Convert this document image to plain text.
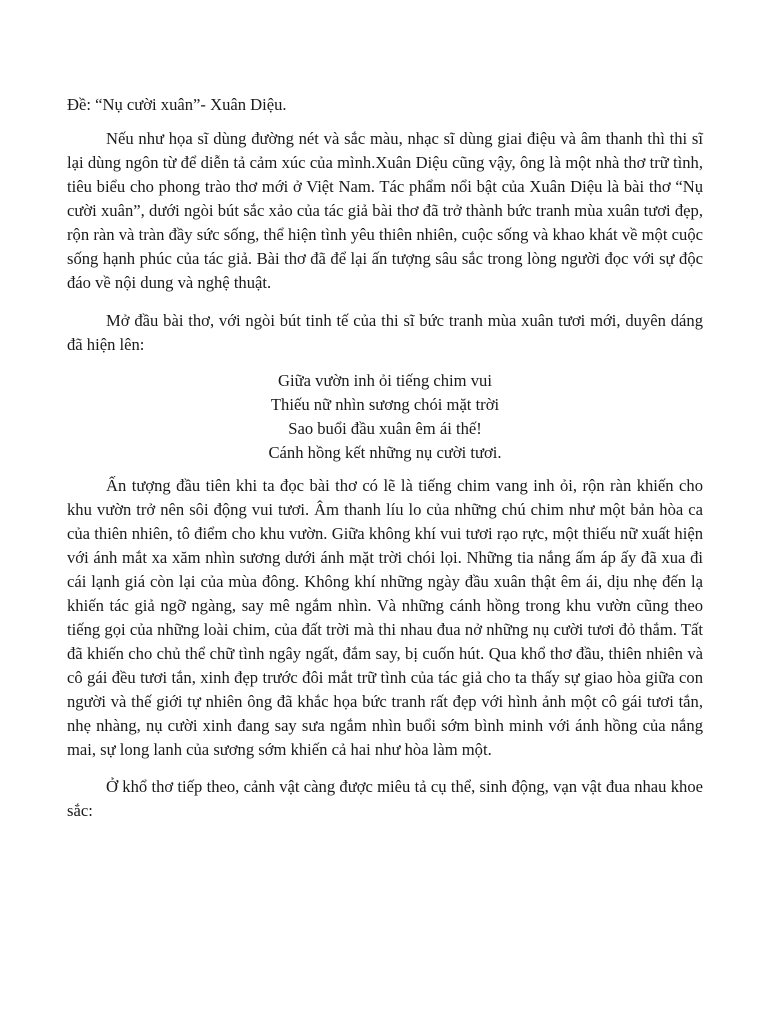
Đề: “Nụ cười xuân”- Xuân Diệu.

Nếu như họa sĩ dùng đường nét và sắc màu, nhạc sĩ dùng giai điệu và âm thanh thì thi sĩ lại dùng ngôn từ để diễn tả cảm xúc của mình.Xuân Diệu cũng vậy, ông là một nhà thơ trữ tình, tiêu biểu cho phong trào thơ mới ở Việt Nam. Tác phẩm nổi bật của Xuân Diệu là bài thơ “Nụ cười xuân”, dưới ngòi bút sắc xảo của tác giả bài thơ đã trở thành bức tranh mùa xuân tươi đẹp, rộn ràn và tràn đầy sức sống, thể hiện tình yêu thiên nhiên, cuộc sống và khao khát về một cuộc sống hạnh phúc của tác giả. Bài thơ đã để lại ấn tượng sâu sắc trong lòng người đọc với sự độc đáo về nội dung và nghệ thuật.

Mở đầu bài thơ, với ngòi bút tinh tế của thi sĩ bức tranh mùa xuân tươi mới, duyên dáng đã hiện lên:

Giữa vườn inh ỏi tiếng chim vui
Thiếu nữ nhìn sương chói mặt trời
Sao buổi đầu xuân êm ái thế!
Cánh hồng kết những nụ cười tươi.

Ấn tượng đầu tiên khi ta đọc bài thơ có lẽ là tiếng chim vang inh ỏi, rộn ràn khiến cho khu vườn trở nên sôi động vui tươi. Âm thanh líu lo của những chú chim như một bản hòa ca của thiên nhiên, tô điểm cho khu vườn. Giữa không khí vui tươi rạo rực, một thiếu nữ xuất hiện với ánh mắt xa xăm nhìn sương dưới ánh mặt trời chói lọi. Những tia nắng ấm áp ấy đã xua đi cái lạnh giá còn lại của mùa đông. Không khí những ngày đầu xuân thật êm ái, dịu nhẹ đến lạ khiến tác giả ngỡ ngàng, say mê ngắm nhìn. Và những cánh hồng trong khu vườn cũng theo tiếng gọi của những loài chim, của đất trời mà thi nhau đua nở những nụ cười tươi đỏ thắm. Tất đã khiến cho chủ thể chữ tình ngây ngất, đắm say, bị cuốn hút. Qua khổ thơ đầu, thiên nhiên và cô gái đều tươi tắn, xinh đẹp trước đôi mắt trữ tình của tác giả cho ta thấy sự giao hòa giữa con người và thế giới tự nhiên ông đã khắc họa bức tranh rất đẹp với hình ảnh một cô gái tươi tắn, nhẹ nhàng, nụ cười xinh đang say sưa ngắm nhìn buổi sớm bình minh với ánh hồng của nắng mai, sự long lanh của sương sớm khiến cả hai như hòa làm một.

Ở khổ thơ tiếp theo, cảnh vật càng được miêu tả cụ thể, sinh động, vạn vật đua nhau khoe sắc:
